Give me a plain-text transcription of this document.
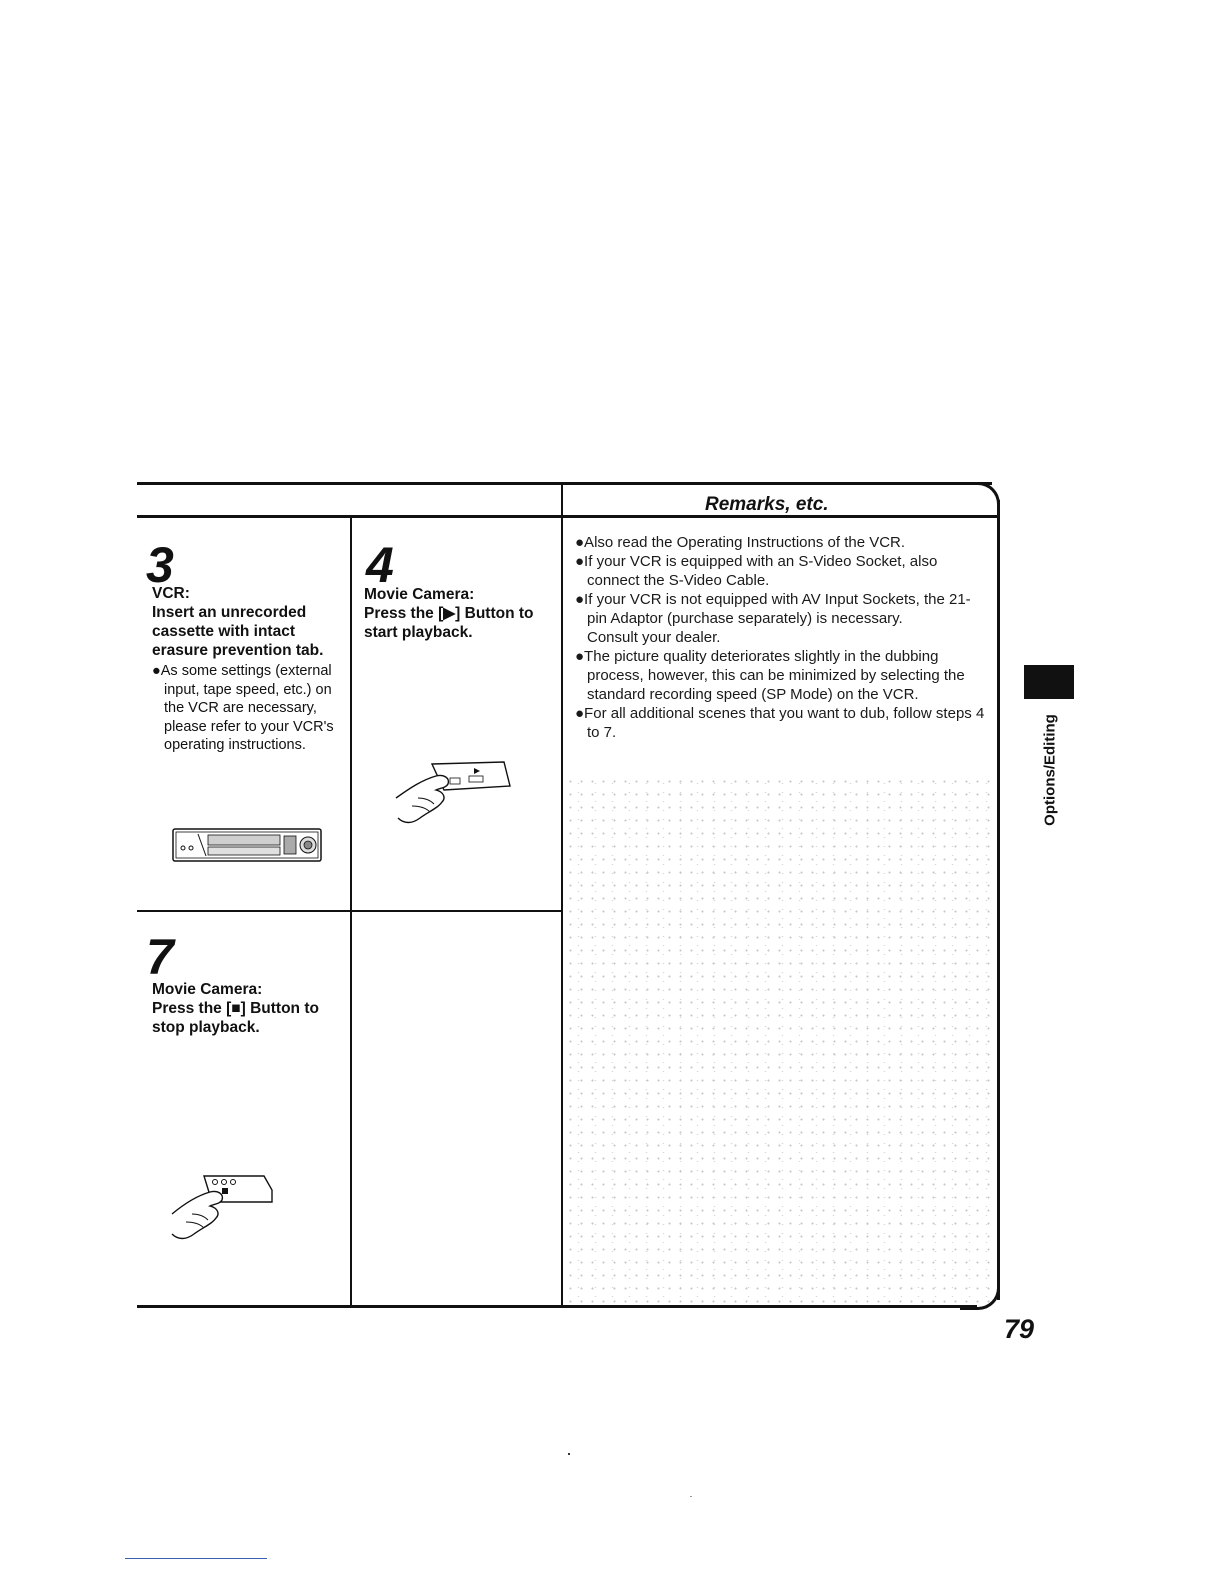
Remarks, etc.
●Also read the Operating Instructions of the VCR.
●If your VCR is equipped with an S-Video Socket, also connect the S-Video Cable.
●If your VCR is not equipped with AV Input Sockets, the 21-pin Adaptor (purchase separately) is necessary.
Consult your dealer.
●The picture quality deteriorates slightly in the dubbing process, however, this can be minimized by selecting the standard recording speed (SP Mode) on the VCR.
●For all additional scenes that you want to dub, follow steps 4 to 7.
3
VCR:

Insert an unrecorded cassette with intact erasure prevention tab.

●As some settings (external input, tape speed, etc.) on the VCR are necessary, please refer to your VCR's operating instructions.
4
Movie Camera:

Press the [▶] Button to start playback.

7
Movie Camera:

Press the [■] Button to stop playback.

Options/Editing
79
